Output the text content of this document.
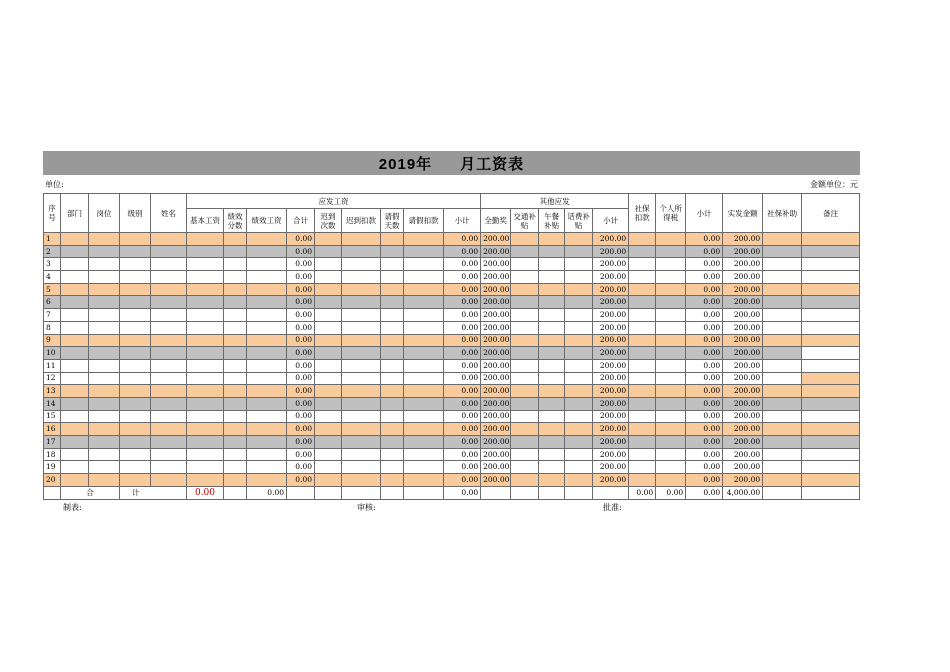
2019年 月工资表
单位:	金额单位：元
序号	部门	岗位	级别	姓名	应发工资									其他应发					社保扣款	个人所得税	小计	实发金额	社保补助	备注
					基本工资	绩效分数	绩效工资	合计	迟到次数	迟到扣款	请假天数	请假扣款	小计	全勤奖	交通补贴	午餐补贴	话费补贴	小计						
1								0.00					0.00	200.00				200.00			0.00	200.00		
2								0.00					0.00	200.00				200.00			0.00	200.00		
3								0.00					0.00	200.00				200.00			0.00	200.00		
4								0.00					0.00	200.00				200.00			0.00	200.00		
5								0.00					0.00	200.00				200.00			0.00	200.00		
6								0.00					0.00	200.00				200.00			0.00	200.00		
7								0.00					0.00	200.00				200.00			0.00	200.00		
8								0.00					0.00	200.00				200.00			0.00	200.00		
9								0.00					0.00	200.00				200.00			0.00	200.00		
10								0.00					0.00	200.00				200.00			0.00	200.00		
11								0.00					0.00	200.00				200.00			0.00	200.00		
12								0.00					0.00	200.00				200.00			0.00	200.00		
13								0.00					0.00	200.00				200.00			0.00	200.00		
14								0.00					0.00	200.00				200.00			0.00	200.00		
15								0.00					0.00	200.00				200.00			0.00	200.00		
16								0.00					0.00	200.00				200.00			0.00	200.00		
17								0.00					0.00	200.00				200.00			0.00	200.00		
18								0.00					0.00	200.00				200.00			0.00	200.00		
19								0.00					0.00	200.00				200.00			0.00	200.00		
20								0.00					0.00	200.00				200.00			0.00	200.00		
	合		计		0.00		0.00						0.00						0.00	0.00	0.00	4,000.00		
制表:	审核:	批准:
